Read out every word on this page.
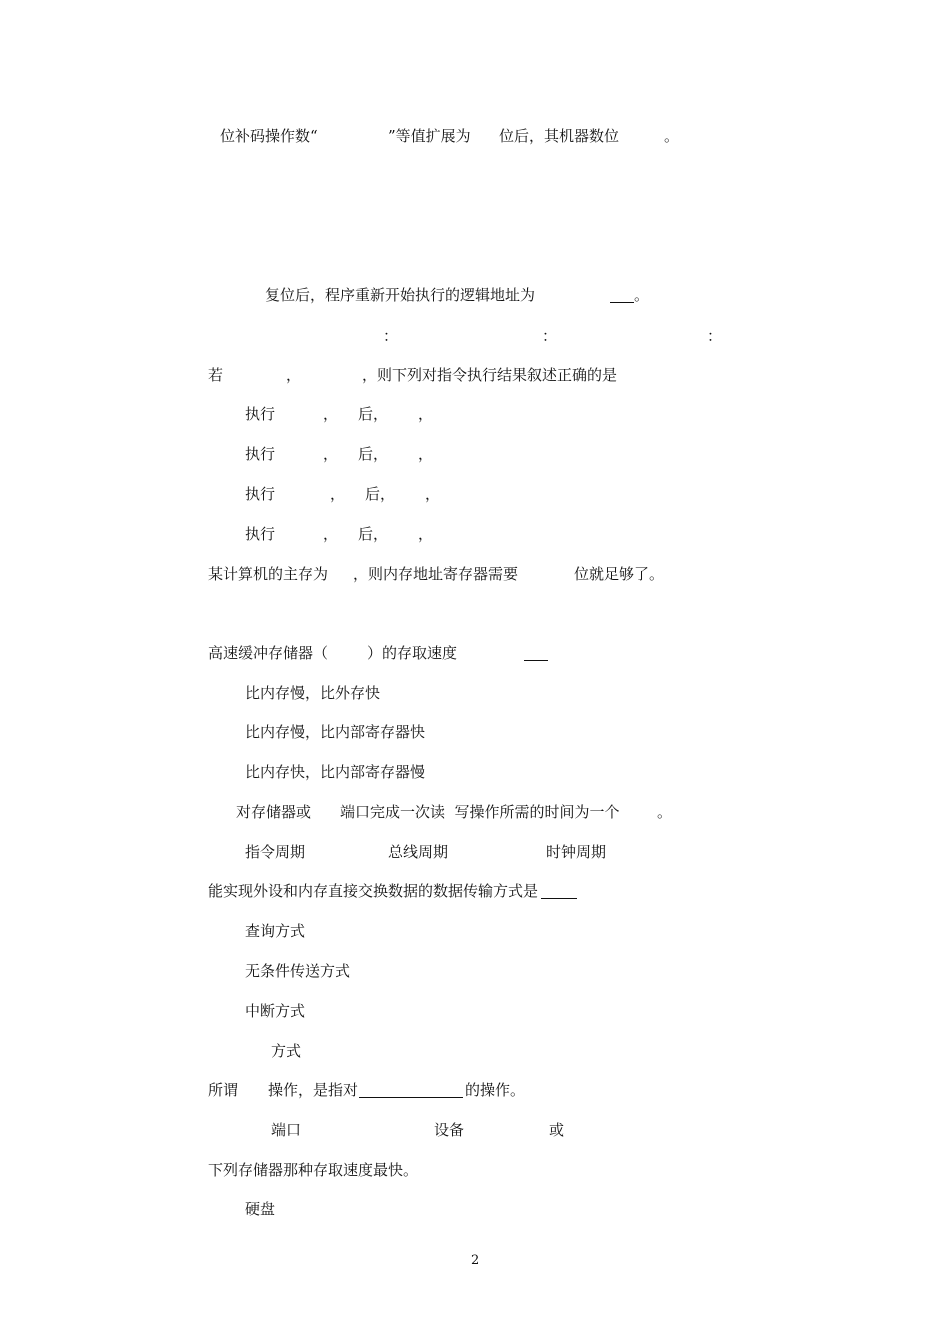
位补码操作数“	”等值扩展为 位后，其机器数位	。
复位后，程序重新开始执行的逻辑地址为	。
：	：	：
若	，	，则下列对指令执行结果叙述正确的是
执行	， 后， ，
执行	， 后， ，
执行	， 后， ，
执行	， 后， ，
某计算机的主存为 ，则内存地址寄存器需要	位就足够了。
高速缓冲存储器（	）的存取速度
比内存慢，比外存快
比内存慢，比内部寄存器快
比内存快，比内部寄存器慢
对存储器或 端口完成一次读  写操作所需的时间为一个 。
指令周期	总线周期	时钟周期
能实现外设和内存直接交换数据的数据传输方式是
查询方式
无条件传送方式
中断方式
方式
所谓 操作，是指对	的操作。
端口	设备	或
下列存储器那种存取速度最快。
硬盘
2
